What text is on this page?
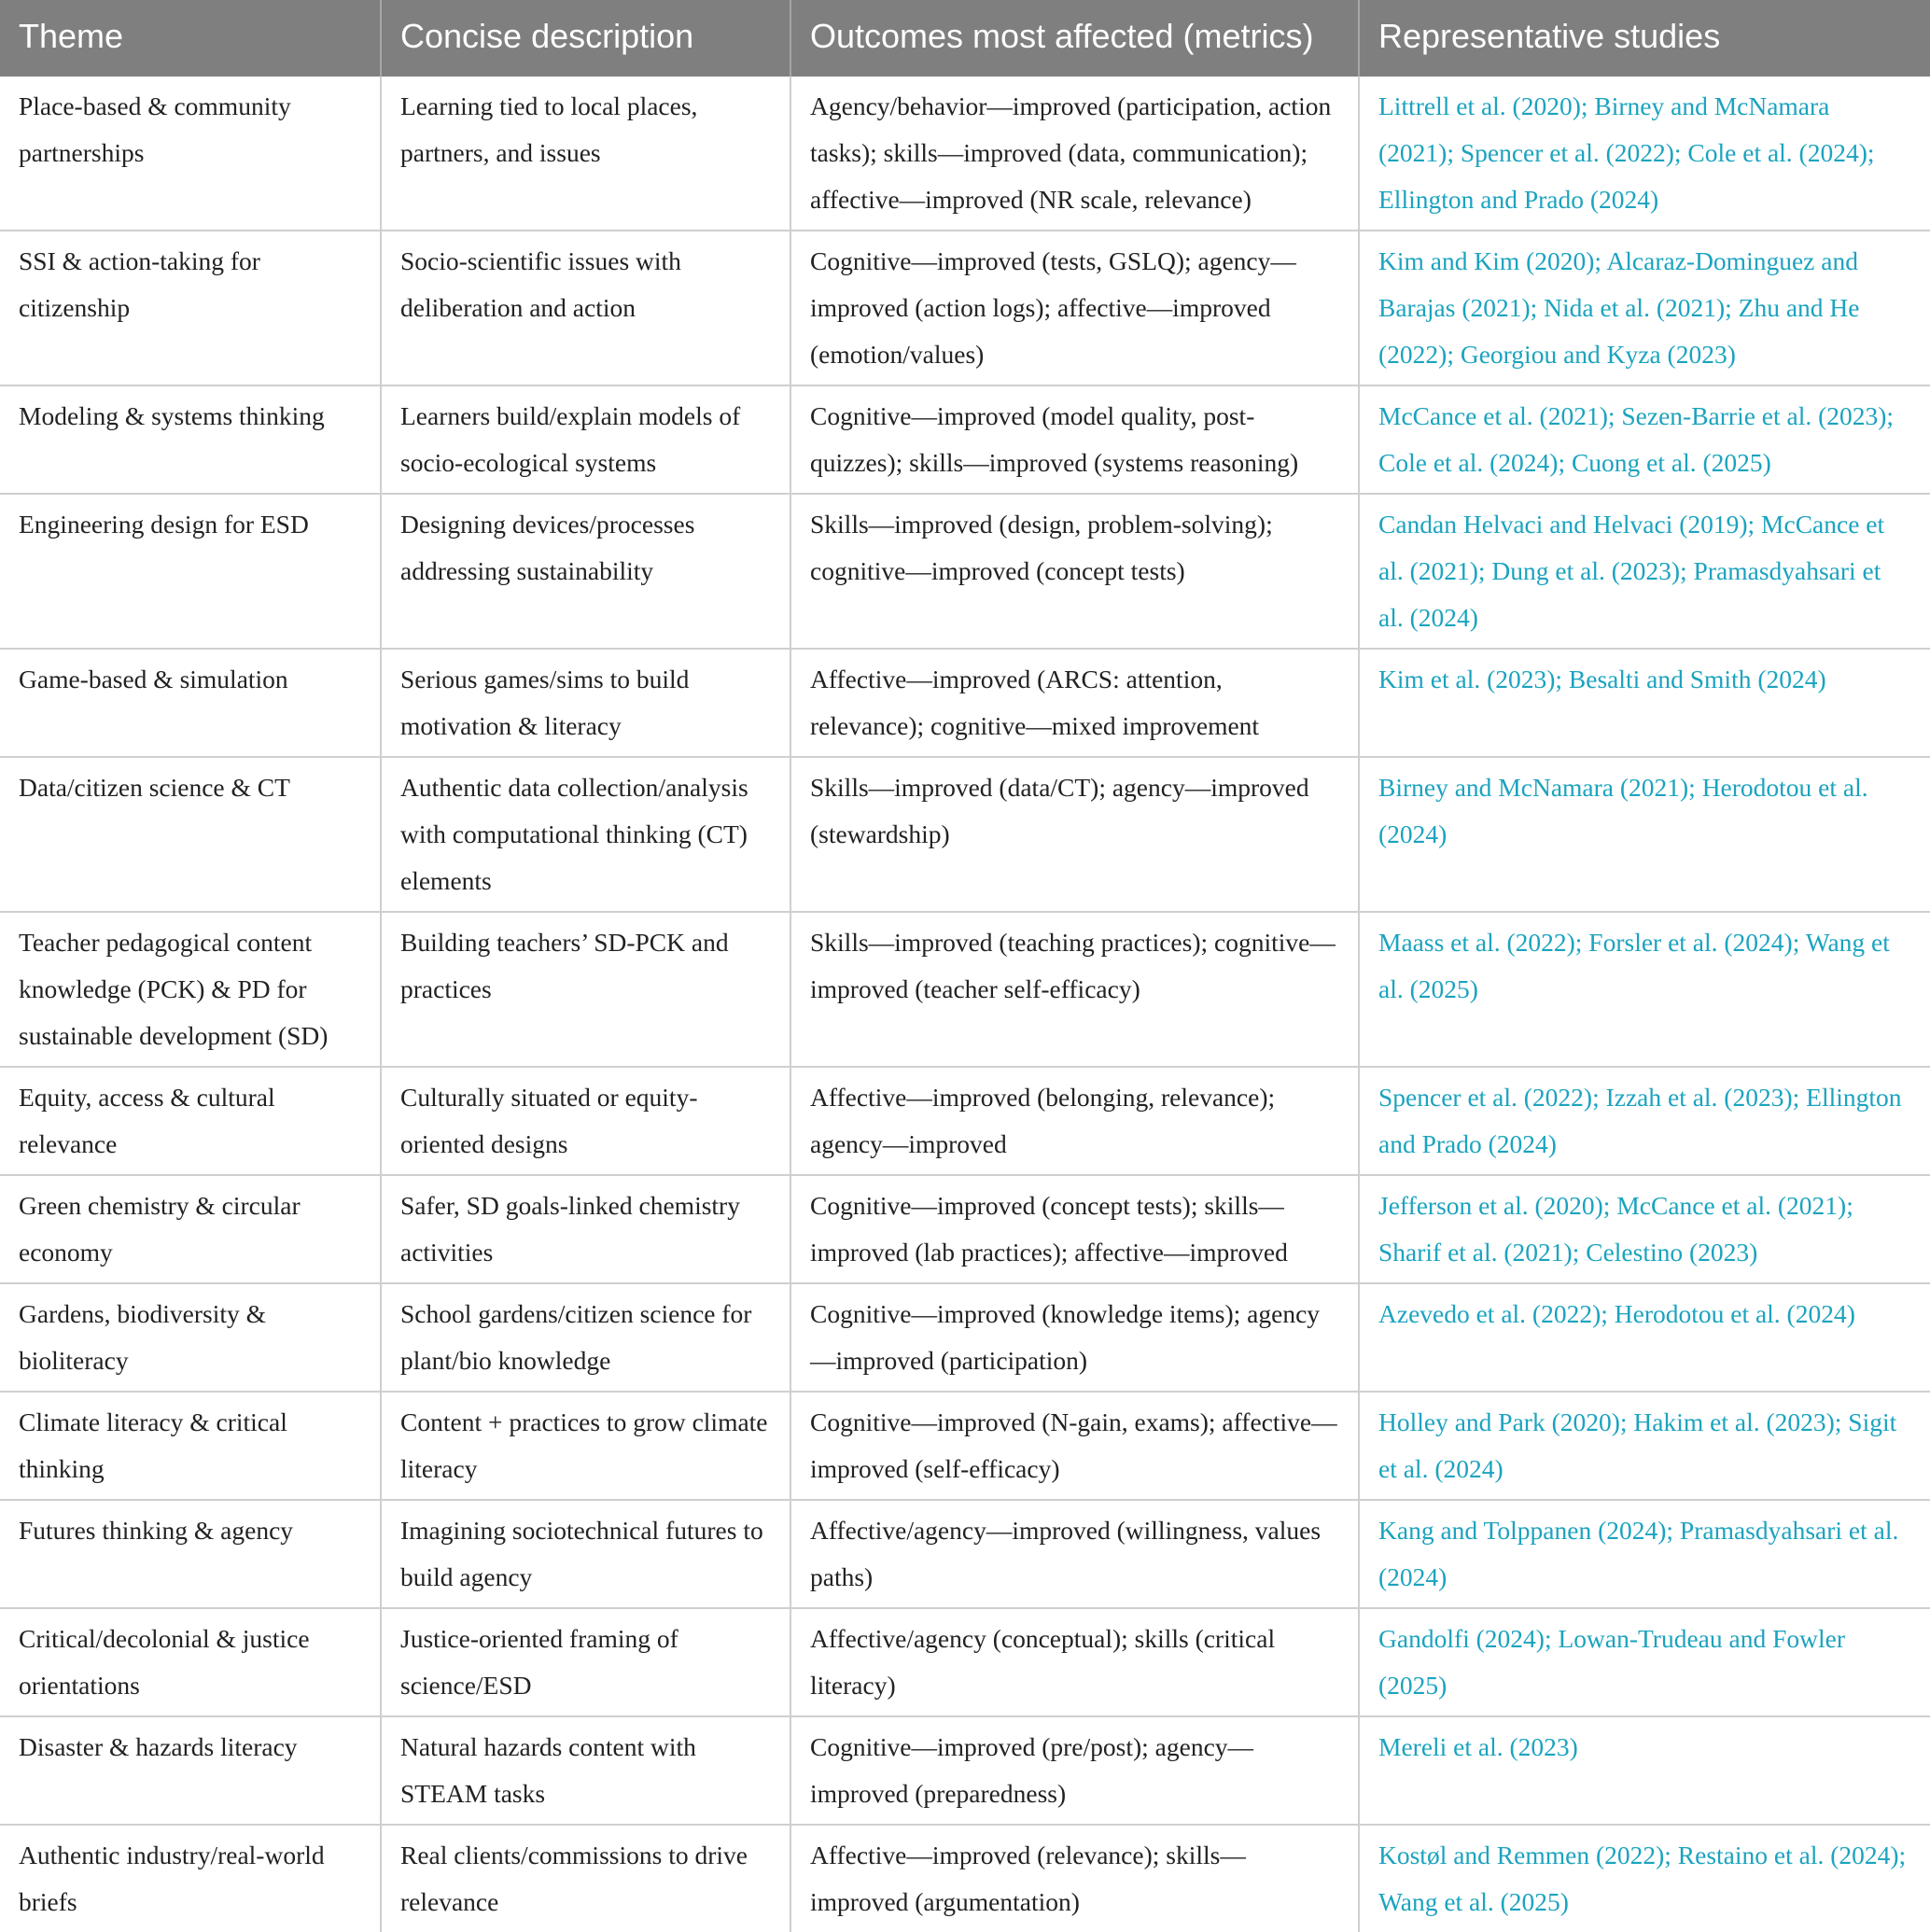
Theme	Concise description	Outcomes most affected (metrics)	Representative studies
Place-based & community partnerships	Learning tied to local places, partners, and issues	Agency/behavior—improved (participation, action tasks); skills—improved (data, communication); affective—improved (NR scale, relevance)	Littrell et al. (2020); Birney and McNamara (2021); Spencer et al. (2022); Cole et al. (2024); Ellington and Prado (2024)
SSI & action-taking for citizenship	Socio-scientific issues with deliberation and action	Cognitive—improved (tests, GSLQ); agency—improved (action logs); affective—improved (emotion/values)	Kim and Kim (2020); Alcaraz-Dominguez and Barajas (2021); Nida et al. (2021); Zhu and He (2022); Georgiou and Kyza (2023)
Modeling & systems thinking	Learners build/explain models of socio-ecological systems	Cognitive—improved (model quality, post-quizzes); skills—improved (systems reasoning)	McCance et al. (2021); Sezen-Barrie et al. (2023); Cole et al. (2024); Cuong et al. (2025)
Engineering design for ESD	Designing devices/processes addressing sustainability	Skills—improved (design, problem-solving); cognitive—improved (concept tests)	Candan Helvaci and Helvaci (2019); McCance et al. (2021); Dung et al. (2023); Pramasdyahsari et al. (2024)
Game-based & simulation	Serious games/sims to build motivation & literacy	Affective—improved (ARCS: attention, relevance); cognitive—mixed improvement	Kim et al. (2023); Besalti and Smith (2024)
Data/citizen science & CT	Authentic data collection/analysis with computational thinking (CT) elements	Skills—improved (data/CT); agency—improved (stewardship)	Birney and McNamara (2021); Herodotou et al. (2024)
Teacher pedagogical content knowledge (PCK) & PD for sustainable development (SD)	Building teachers’ SD-PCK and practices	Skills—improved (teaching practices); cognitive—improved (teacher self-efficacy)	Maass et al. (2022); Forsler et al. (2024); Wang et al. (2025)
Equity, access & cultural relevance	Culturally situated or equity-oriented designs	Affective—improved (belonging, relevance); agency—improved	Spencer et al. (2022); Izzah et al. (2023); Ellington and Prado (2024)
Green chemistry & circular economy	Safer, SD goals-linked chemistry activities	Cognitive—improved (concept tests); skills—improved (lab practices); affective—improved	Jefferson et al. (2020); McCance et al. (2021); Sharif et al. (2021); Celestino (2023)
Gardens, biodiversity & bioliteracy	School gardens/citizen science for plant/bio knowledge	Cognitive—improved (knowledge items); agency—improved (participation)	Azevedo et al. (2022); Herodotou et al. (2024)
Climate literacy & critical thinking	Content + practices to grow climate literacy	Cognitive—improved (N-gain, exams); affective—improved (self-efficacy)	Holley and Park (2020); Hakim et al. (2023); Sigit et al. (2024)
Futures thinking & agency	Imagining sociotechnical futures to build agency	Affective/agency—improved (willingness, values paths)	Kang and Tolppanen (2024); Pramasdyahsari et al. (2024)
Critical/decolonial & justice orientations	Justice-oriented framing of science/ESD	Affective/agency (conceptual); skills (critical literacy)	Gandolfi (2024); Lowan-Trudeau and Fowler (2025)
Disaster & hazards literacy	Natural hazards content with STEAM tasks	Cognitive—improved (pre/post); agency—improved (preparedness)	Mereli et al. (2023)
Authentic industry/real-world briefs	Real clients/commissions to drive relevance	Affective—improved (relevance); skills—improved (argumentation)	Kostøl and Remmen (2022); Restaino et al. (2024); Wang et al. (2025)
